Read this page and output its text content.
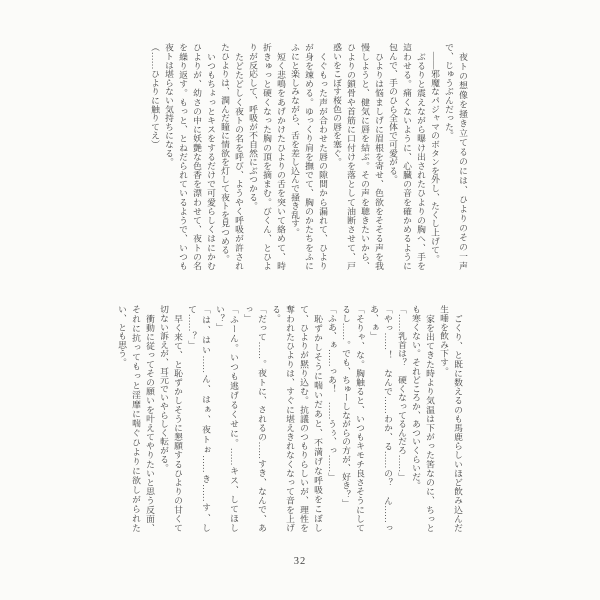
　夜トの想像を掻き立てるのには、ひよりのその一声で、じゅうぶんだった。

　——邪魔なパジャマのボタンを外し、たくし上げて。

　ぶるりと震えながら曝け出されたひよりの胸へ、手を這わせる。痛くないように、心臓の音を確かめるように包んで、手のひら全体で可愛がる。

　ひよりは悩ましげに眉根を寄せ、色欲をそそる声を我慢しようと、健気に唇を結ぶ。その声を聴きたいから、ひよりの鎖骨や首筋に口付けを落として油断させて、戸惑いをこぼす桜色の唇を塞ぐ。

　くぐもった声が合わせた唇の隙間から漏れて、ひよりが身を竦める。ゆっくり肩を撫でて、胸のかたちをふにふにと楽しみながら、舌を差し込んで掻き乱す。

　短く悲鳴をあげかけたひよりの舌を突いて絡めて、時折きゅっと硬くなった胸の頂を摘まむ。びくん、とひよりが反応して、呼吸が不自然にぶつかる。

　たどたどしく夜トの名を呼び、ようやく呼吸が許されたひよりは、潤んだ瞳に情欲を灯して夜トを見つめる。

　いつもちょっとキスをするだけで可愛らしくはにかむひよりが、幼さの中に妖艶な色香を漂わせて、夜トの名を繰り返す。もっと、とねだられているようで、いつも夜トは堪らない気持ちになる。

（……ひよりに触りてえ）

　ごくり、と既に数えるのも馬鹿らしいほど飲み込んだ生唾を飲み下す。

　家を出てきた時より気温は下がった筈なのに、ちっとも寒くない。それどころか、あついくらいだ。

「……乳首は？　硬くなってるんだろ……」

「やっ……！　なんで……わか、る……の？　ん……っあ、ぁ」

「そりゃ、な。胸触ると、いつもキモチ良さそうにしてるし……。でも、ちゅーしながらの方が、好き？」

「ふあ、ぁ……っあ！　……うぅ、っ……」

　恥ずかしそうに喘いだあと、不満げな呼吸をこぼして、ひよりが黙り込む。抗議のつもりらしいが、理性を奪われたひよりは、すぐに堪えきれなくなって音を上げる。

「だって……。夜トに、されるの……すき、なんで、あっ」

「ふーん。いつも逃げるくせに。……キス、してほしい？」

「は、はい……ん、はぁ、夜トぉ……き……す、して……？」

　早く来て、と恥ずかしそうに懇願するひよりの甘くて切ない訴えが、耳元でいやらしく転がる。

　衝動に従ってその願いを叶えてやりたいと思う反面、それに抗ってもっと淫靡に喘ぐひよりに欲しがられたい、とも思う。

32
